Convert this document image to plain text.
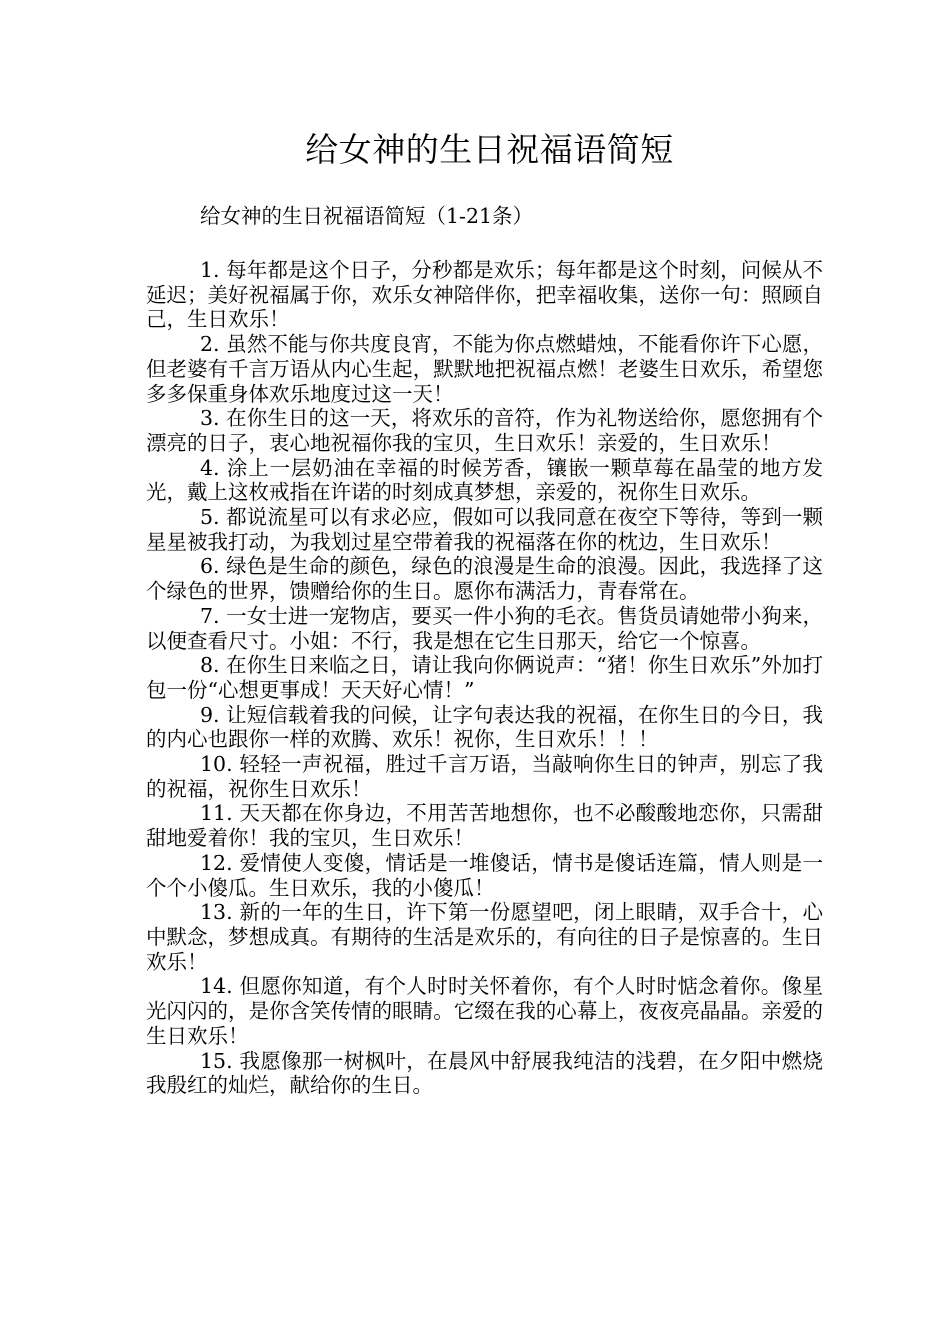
给女神的生日祝福语简短

给女神的生日祝福语简短（1-21条）

1. 每年都是这个日子，分秒都是欢乐；每年都是这个时刻，问候从不延迟；美好祝福属于你，欢乐女神陪伴你，把幸福收集，送你一句：照顾自己，生日欢乐！

2. 虽然不能与你共度良宵，不能为你点燃蜡烛，不能看你许下心愿，但老婆有千言万语从内心生起，默默地把祝福点燃！老婆生日欢乐，希望您多多保重身体欢乐地度过这一天！

3. 在你生日的这一天，将欢乐的音符，作为礼物送给你，愿您拥有个漂亮的日子，衷心地祝福你我的宝贝，生日欢乐！亲爱的，生日欢乐！

4. 涂上一层奶油在幸福的时候芳香，镶嵌一颗草莓在晶莹的地方发光，戴上这枚戒指在许诺的时刻成真梦想，亲爱的，祝你生日欢乐。

5. 都说流星可以有求必应，假如可以我同意在夜空下等待，等到一颗星星被我打动，为我划过星空带着我的祝福落在你的枕边，生日欢乐！

6. 绿色是生命的颜色，绿色的浪漫是生命的浪漫。因此，我选择了这个绿色的世界，馈赠给你的生日。愿你布满活力，青春常在。

7. 一女士进一宠物店，要买一件小狗的毛衣。售货员请她带小狗来，以便查看尺寸。小姐：不行，我是想在它生日那天，给它一个惊喜。

8. 在你生日来临之日，请让我向你俩说声：“猪！你生日欢乐”外加打包一份“心想更事成！天天好心情！”

9. 让短信载着我的问候，让字句表达我的祝福，在你生日的今日，我的内心也跟你一样的欢腾、欢乐！祝你，生日欢乐！！！

10. 轻轻一声祝福，胜过千言万语，当敲响你生日的钟声，别忘了我的祝福，祝你生日欢乐！

11. 天天都在你身边，不用苦苦地想你，也不必酸酸地恋你，只需甜甜地爱着你！我的宝贝，生日欢乐！

12. 爱情使人变傻，情话是一堆傻话，情书是傻话连篇，情人则是一个个小傻瓜。生日欢乐，我的小傻瓜！

13. 新的一年的生日，许下第一份愿望吧，闭上眼睛，双手合十，心中默念，梦想成真。有期待的生活是欢乐的，有向往的日子是惊喜的。生日欢乐！

14. 但愿你知道，有个人时时关怀着你，有个人时时惦念着你。像星光闪闪的，是你含笑传情的眼睛。它缀在我的心幕上，夜夜亮晶晶。亲爱的生日欢乐！

15. 我愿像那一树枫叶，在晨风中舒展我纯洁的浅碧，在夕阳中燃烧我殷红的灿烂，献给你的生日。
